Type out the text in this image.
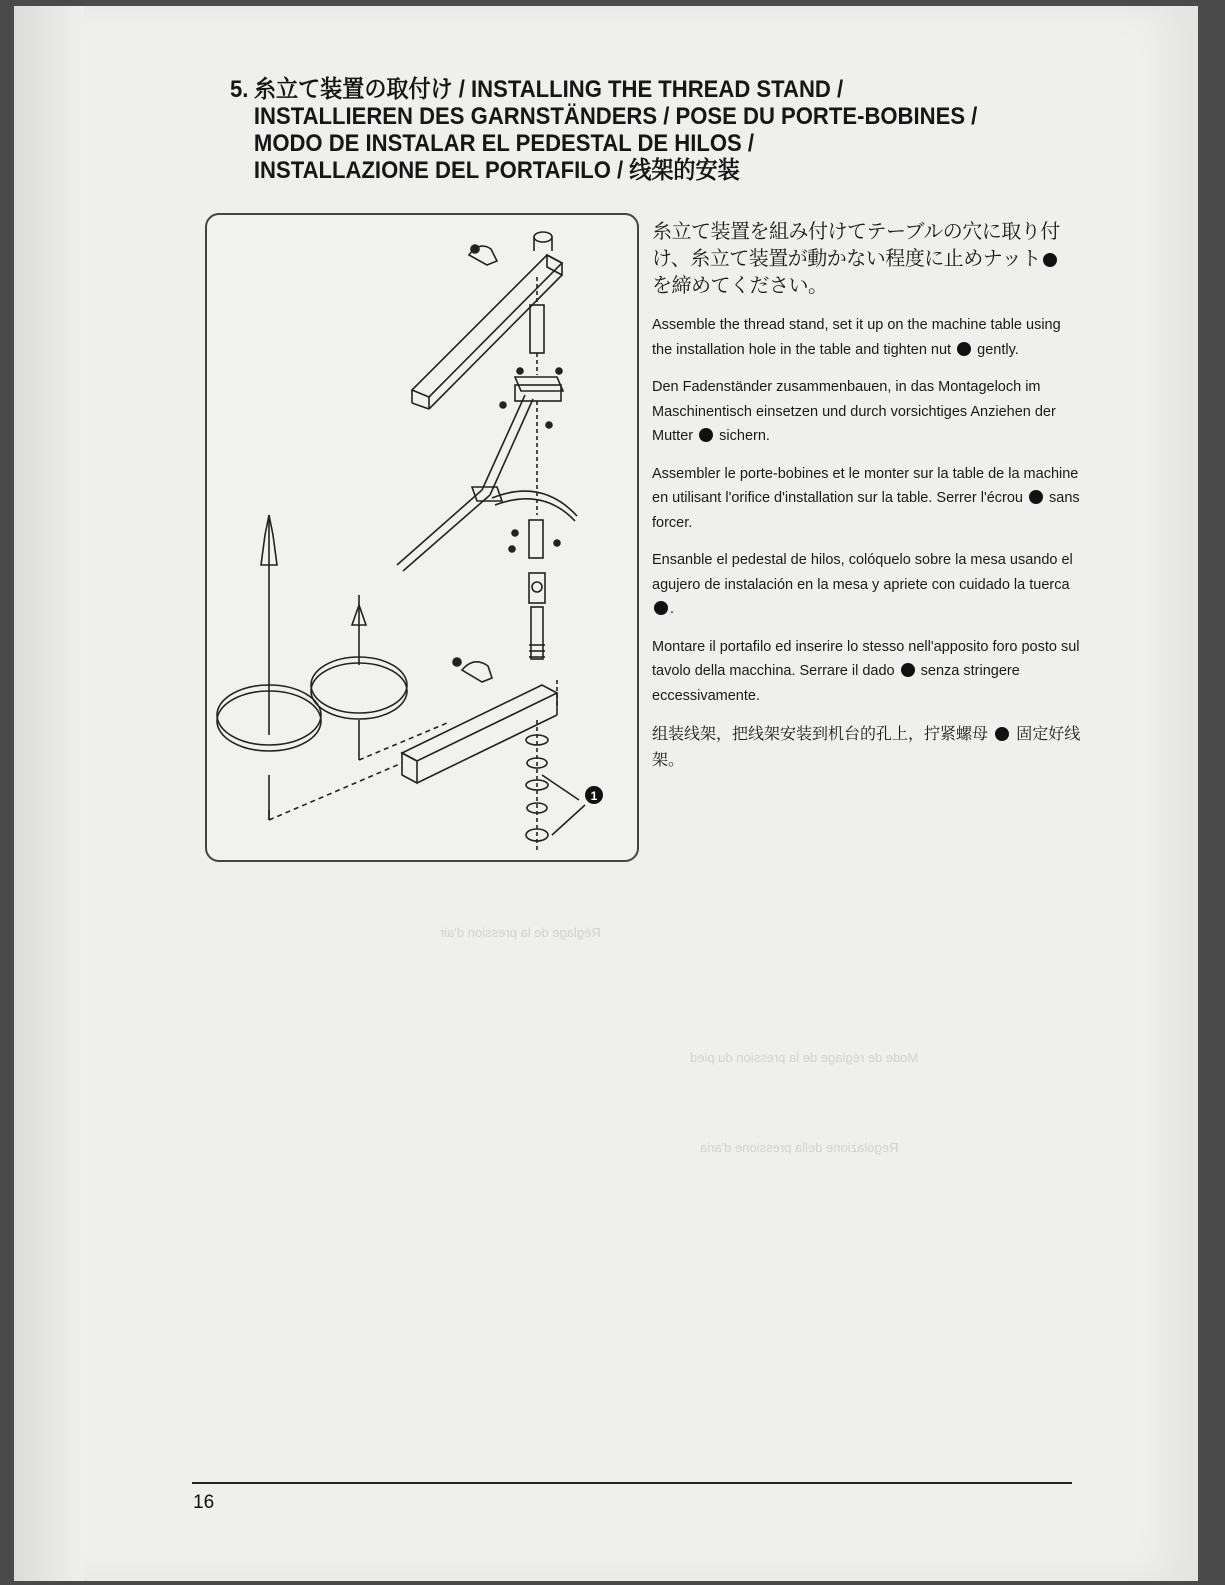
Mode de réglage de la pression du pied
Regolazione della pressione d'aria
Réglage de la pression d'air
5. 糸立て装置の取付け / INSTALLING THE THREAD STAND /
INSTALLIEREN DES GARNSTÄNDERS / POSE DU PORTE-BOBINES /
MODO DE INSTALAR EL PEDESTAL DE HILOS /
INSTALLAZIONE DEL PORTAFILO / 线架的安装
1
糸立て装置を組み付けてテーブルの穴に取り付
け、糸立て装置が動かない程度に止めナット
を締めてください。

Assemble the thread stand, set it up on the machine table using the installation hole in the table and tighten nut gently.

Den Fadenständer zusammenbauen, in das Montageloch im Maschinentisch einsetzen und durch vorsichtiges Anziehen der Mutter sichern.

Assembler le porte-bobines et le monter sur la table de la machine en utilisant l'orifice d'installation sur la table. Serrer l'écrou sans forcer.

Ensanble el pedestal de hilos, colóquelo sobre la mesa usando el agujero de instalación en la mesa y apriete con cuidado la tuerca .

Montare il portafilo ed inserire lo stesso nell'apposito foro posto sul tavolo della macchina. Serrare il dado senza stringere eccessivamente.

组装线架，把线架安装到机台的孔上，拧紧螺母 固定好线架。
16
